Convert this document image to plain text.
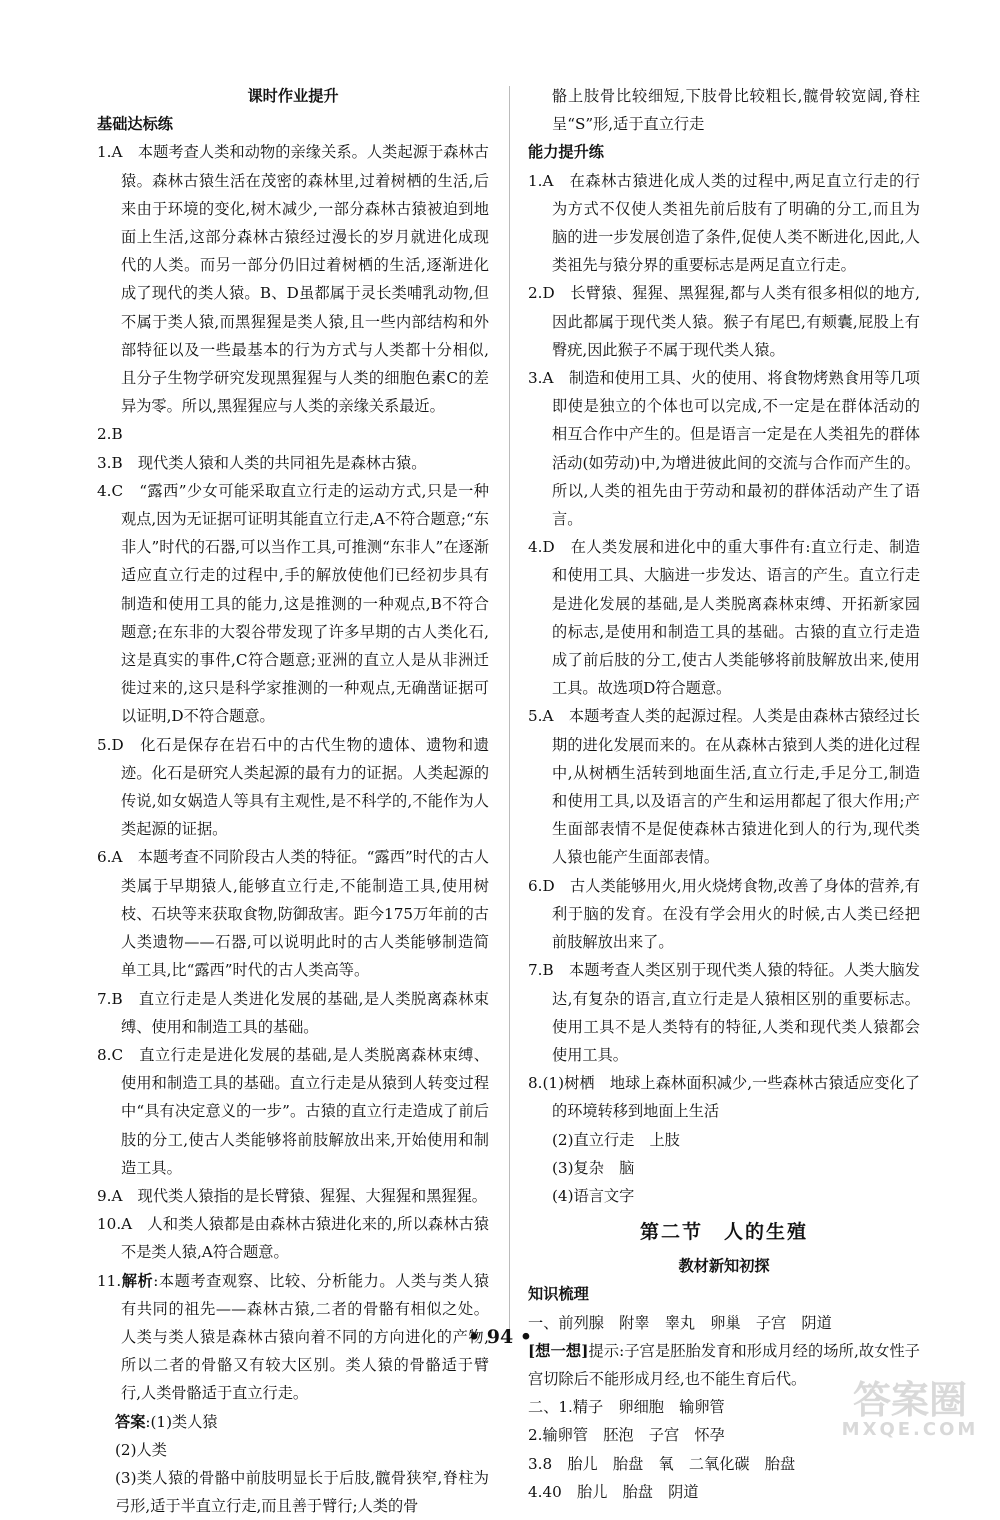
课时作业提升
基础达标练

1.A　本题考查人类和动物的亲缘关系。人类起源于森林古猿。森林古猿生活在茂密的森林里,过着树栖的生活,后来由于环境的变化,树木减少,一部分森林古猿被迫到地面上生活,这部分森林古猿经过漫长的岁月就进化成现代的人类。而另一部分仍旧过着树栖的生活,逐渐进化成了现代的类人猿。B、D虽都属于灵长类哺乳动物,但不属于类人猿,而黑猩猩是类人猿,且一些内部结构和外部特征以及一些最基本的行为方式与人类都十分相似,且分子生物学研究发现黑猩猩与人类的细胞色素C的差异为零。所以,黑猩猩应与人类的亲缘关系最近。

2.B

3.B　现代类人猿和人类的共同祖先是森林古猿。

4.C　“露西”少女可能采取直立行走的运动方式,只是一种观点,因为无证据可证明其能直立行走,A不符合题意;“东非人”时代的石器,可以当作工具,可推测“东非人”在逐渐适应直立行走的过程中,手的解放使他们已经初步具有制造和使用工具的能力,这是推测的一种观点,B不符合题意;在东非的大裂谷带发现了许多早期的古人类化石,这是真实的事件,C符合题意;亚洲的直立人是从非洲迁徙过来的,这只是科学家推测的一种观点,无确凿证据可以证明,D不符合题意。

5.D　化石是保存在岩石中的古代生物的遗体、遗物和遗迹。化石是研究人类起源的最有力的证据。人类起源的传说,如女娲造人等具有主观性,是不科学的,不能作为人类起源的证据。

6.A　本题考查不同阶段古人类的特征。“露西”时代的古人类属于早期猿人,能够直立行走,不能制造工具,使用树枝、石块等来获取食物,防御敌害。距今175万年前的古人类遗物——石器,可以说明此时的古人类能够制造简单工具,比“露西”时代的古人类高等。

7.B　直立行走是人类进化发展的基础,是人类脱离森林束缚、使用和制造工具的基础。

8.C　直立行走是进化发展的基础,是人类脱离森林束缚、使用和制造工具的基础。直立行走是从猿到人转变过程中“具有决定意义的一步”。古猿的直立行走造成了前后肢的分工,使古人类能够将前肢解放出来,开始使用和制造工具。

9.A　现代类人猿指的是长臂猿、猩猩、大猩猩和黑猩猩。

10.A　人和类人猿都是由森林古猿进化来的,所以森林古猿不是类人猿,A符合题意。

11.解析:本题考查观察、比较、分析能力。人类与类人猿有共同的祖先——森林古猿,二者的骨骼有相似之处。人类与类人猿是森林古猿向着不同的方向进化的产物,所以二者的骨骼又有较大区别。类人猿的骨骼适于臂行,人类骨骼适于直立行走。

答案:(1)类人猿

(2)人类

(3)类人猿的骨骼中前肢明显长于后肢,髋骨狭窄,脊柱为弓形,适于半直立行走,而且善于臂行;人类的骨

骼上肢骨比较细短,下肢骨比较粗长,髋骨较宽阔,脊柱呈“S”形,适于直立行走

能力提升练

1.A　在森林古猿进化成人类的过程中,两足直立行走的行为方式不仅使人类祖先前后肢有了明确的分工,而且为脑的进一步发展创造了条件,促使人类不断进化,因此,人类祖先与猿分界的重要标志是两足直立行走。

2.D　长臂猿、猩猩、黑猩猩,都与人类有很多相似的地方,因此都属于现代类人猿。猴子有尾巴,有颊囊,屁股上有臀疣,因此猴子不属于现代类人猿。

3.A　制造和使用工具、火的使用、将食物烤熟食用等几项即使是独立的个体也可以完成,不一定是在群体活动的相互合作中产生的。但是语言一定是在人类祖先的群体活动(如劳动)中,为增进彼此间的交流与合作而产生的。所以,人类的祖先由于劳动和最初的群体活动产生了语言。

4.D　在人类发展和进化中的重大事件有:直立行走、制造和使用工具、大脑进一步发达、语言的产生。直立行走是进化发展的基础,是人类脱离森林束缚、开拓新家园的标志,是使用和制造工具的基础。古猿的直立行走造成了前后肢的分工,使古人类能够将前肢解放出来,使用工具。故选项D符合题意。

5.A　本题考查人类的起源过程。人类是由森林古猿经过长期的进化发展而来的。在从森林古猿到人类的进化过程中,从树栖生活转到地面生活,直立行走,手足分工,制造和使用工具,以及语言的产生和运用都起了很大作用;产生面部表情不是促使森林古猿进化到人的行为,现代类人猿也能产生面部表情。

6.D　古人类能够用火,用火烧烤食物,改善了身体的营养,有利于脑的发育。在没有学会用火的时候,古人类已经把前肢解放出来了。

7.B　本题考查人类区别于现代类人猿的特征。人类大脑发达,有复杂的语言,直立行走是人猿相区别的重要标志。使用工具不是人类特有的特征,人类和现代类人猿都会使用工具。

8.(1)树栖　地球上森林面积减少,一些森林古猿适应变化了的环境转移到地面上生活

(2)直立行走　上肢

(3)复杂　脑

(4)语言文字

第二节　人的生殖
教材新知初探
知识梳理

一、前列腺　附睾　睾丸　卵巢　子宫　阴道

[想一想]提示:子宫是胚胎发育和形成月经的场所,故女性子宫切除后不能形成月经,也不能生育后代。

二、1.精子　卵细胞　输卵管

2.输卵管　胚泡　子宫　怀孕

3.8　胎儿　胎盘　氧　二氧化碳　胎盘

4.40　胎儿　胎盘　阴道

• 94 •
答案圈
MXQE.COM
